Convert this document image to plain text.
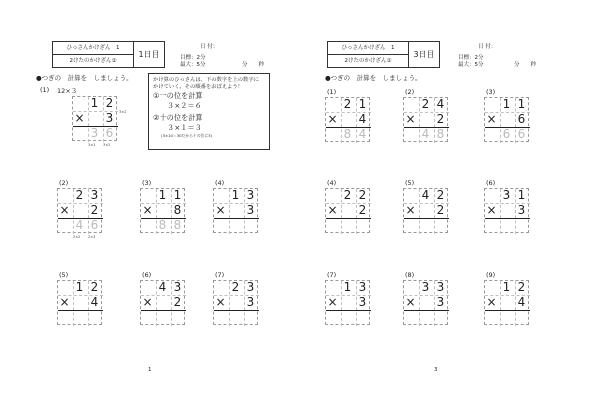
ひっさんかけざん　1
2けたのかけざん①
1日目
日 付：
目標：2分
最大：5分	分　　秒
●つぎの　計算を　しましょう。
(1) 12×３
かけ算のひっさんは、下の数字を上の数字に
かけていく。その順番をおぼえよう！
①一の位を計算
３×２＝６
②十の位を計算
３×１＝３
(3×10＝30だから十の位に3)
1
1 2
×	3
3 6
3×2
3×1 3×2
(2)
2 3
×	2
4 6
2×2 2×3
(3)
1 1
×	8
8 8
(4)
1 3
×	3
(5)
1 2
×	4
(6)
4 3
×	2
(7)
2 3
×	3
ひっさんかけざん　1
2けたのかけざん①
3日目
日 付：
目標：2分
最大：5分	分　　秒
●つぎの　計算を　しましょう。
3
(1)
2 1
×	4
8 4
(2)
2 4
×	2
4 8
(3)
1 1
×	6
6 6
(4)
2 2
×	2
(5)
4 2
×	2
(6)
3 1
×	3
(7)
1 3
×	3
(8)
3 3
×	3
(9)
1 2
×	4
